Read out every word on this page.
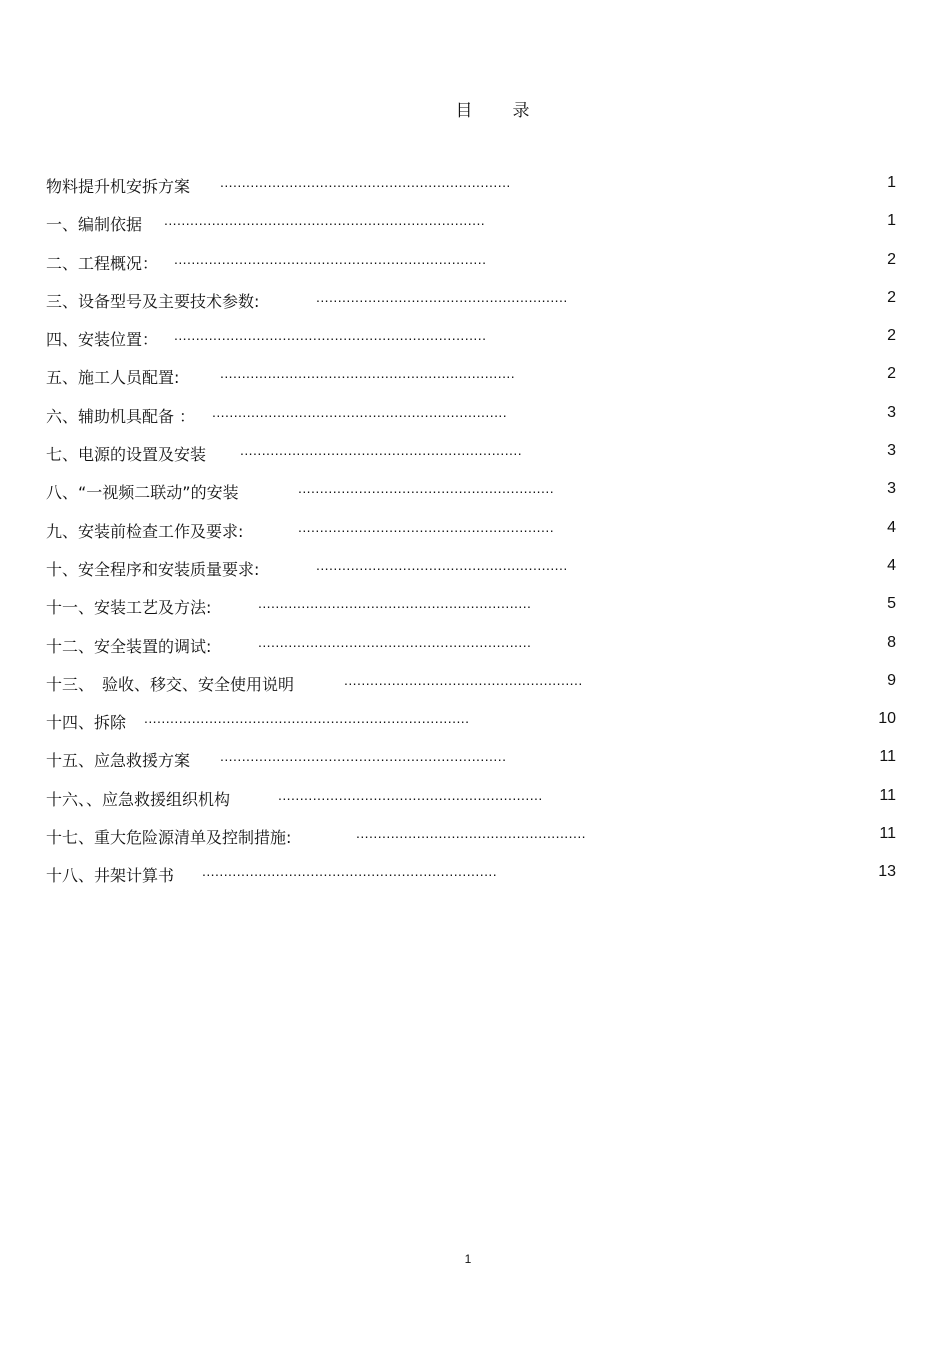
目 录
物料提升机安拆方案 ...................................................................	1
一、编制依据 ..........................................................................	1
二、工程概况： ........................................................................	2
三、设备型号及主要技术参数:	..........................................................	2
四、安装位置： ........................................................................	2
五、施工人员配置:	....................................................................	2
六、辅助机具配备 ： ....................................................................	3
七、电源的设置及安装 .................................................................	3
八、“一视频二联动”的安装	...........................................................	3
九、安装前检查工作及要求:	...........................................................	4
十、安全程序和安装质量要求:	..........................................................	4
十一、安装工艺及方法:	...............................................................	5
十二、安全装置的调试:	...............................................................	8
十三、　验收、移交、安全使用说明	.......................................................	9
十四、拆除 ...........................................................................	10
十五、应急救援方案 ..................................................................	11
十六、、应急救援组织机构	.............................................................	11
十七、重大危险源清单及控制措施:	.....................................................	11
十八、井架计算书 ....................................................................	13
1
